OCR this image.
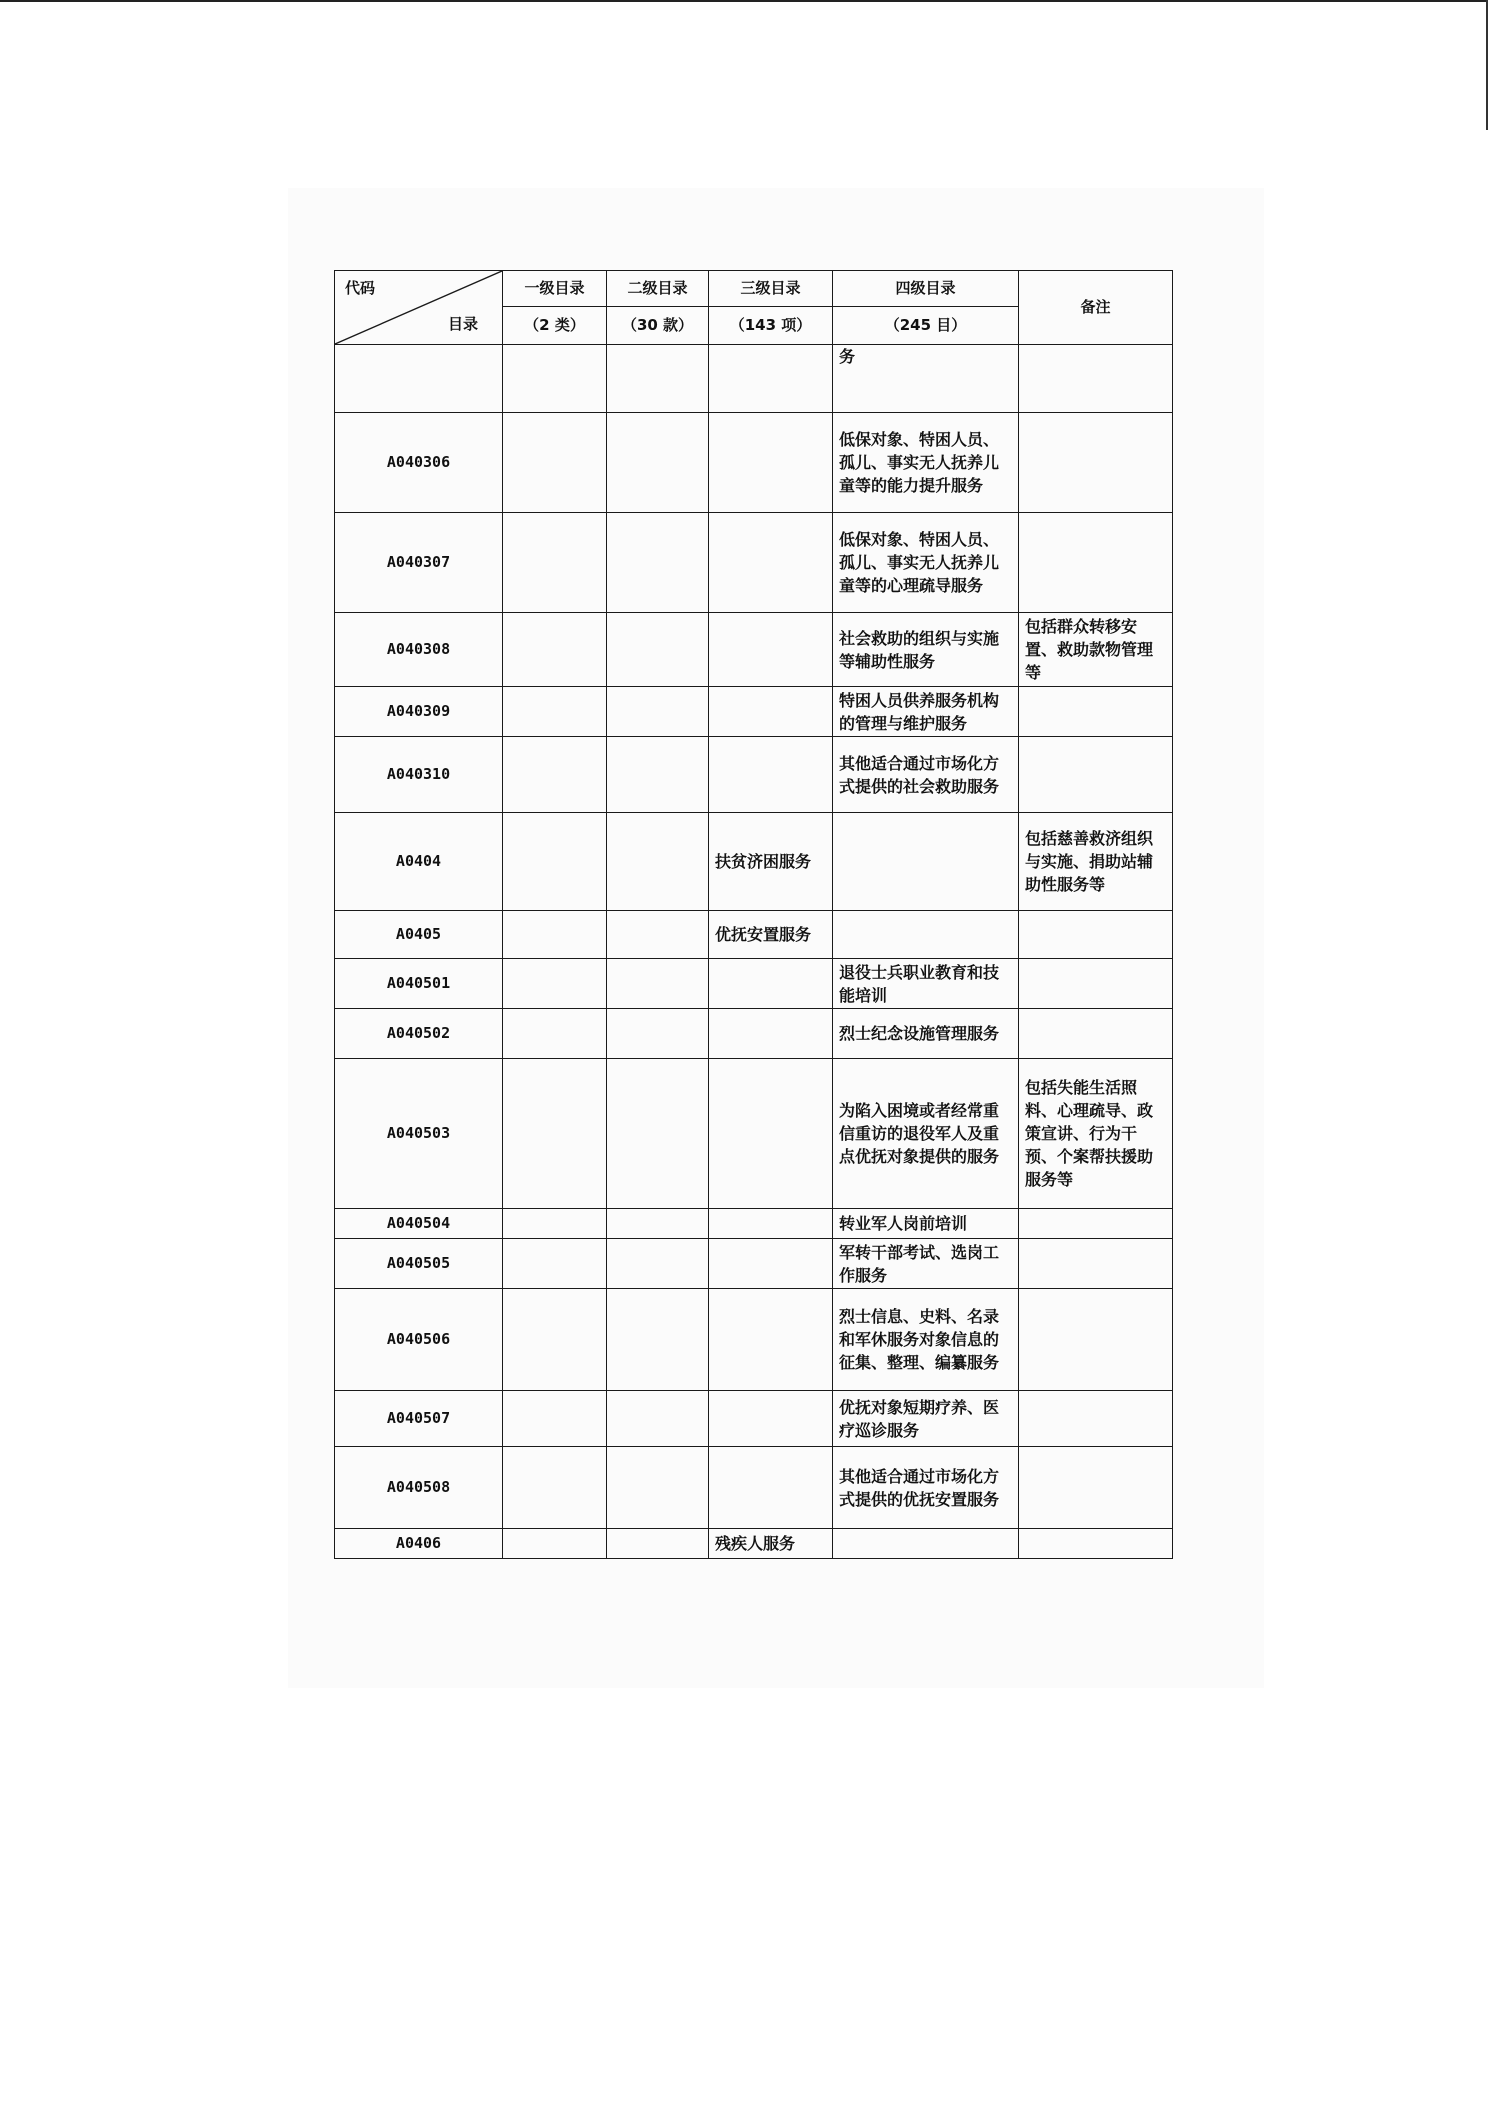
代码
目录	一级目录	二级目录	三级目录	四级目录	备注
	（2 类）	（30 款）	（143 项）	（245 目）	
				务	
A040306				低保对象、特困人员、孤儿、事实无人抚养儿童等的能力提升服务	
A040307				低保对象、特困人员、孤儿、事实无人抚养儿童等的心理疏导服务	
A040308				社会救助的组织与实施等辅助性服务	包括群众转移安置、救助款物管理等
A040309				特困人员供养服务机构的管理与维护服务	
A040310				其他适合通过市场化方式提供的社会救助服务	
A0404			扶贫济困服务		包括慈善救济组织与实施、捐助站辅助性服务等
A0405			优抚安置服务		
A040501				退役士兵职业教育和技能培训	
A040502				烈士纪念设施管理服务	
A040503				为陷入困境或者经常重信重访的退役军人及重点优抚对象提供的服务	包括失能生活照料、心理疏导、政策宣讲、行为干预、个案帮扶援助服务等
A040504				转业军人岗前培训	
A040505				军转干部考试、选岗工作服务	
A040506				烈士信息、史料、名录和军休服务对象信息的征集、整理、编纂服务	
A040507				优抚对象短期疗养、医疗巡诊服务	
A040508				其他适合通过市场化方式提供的优抚安置服务	
A0406			残疾人服务		
